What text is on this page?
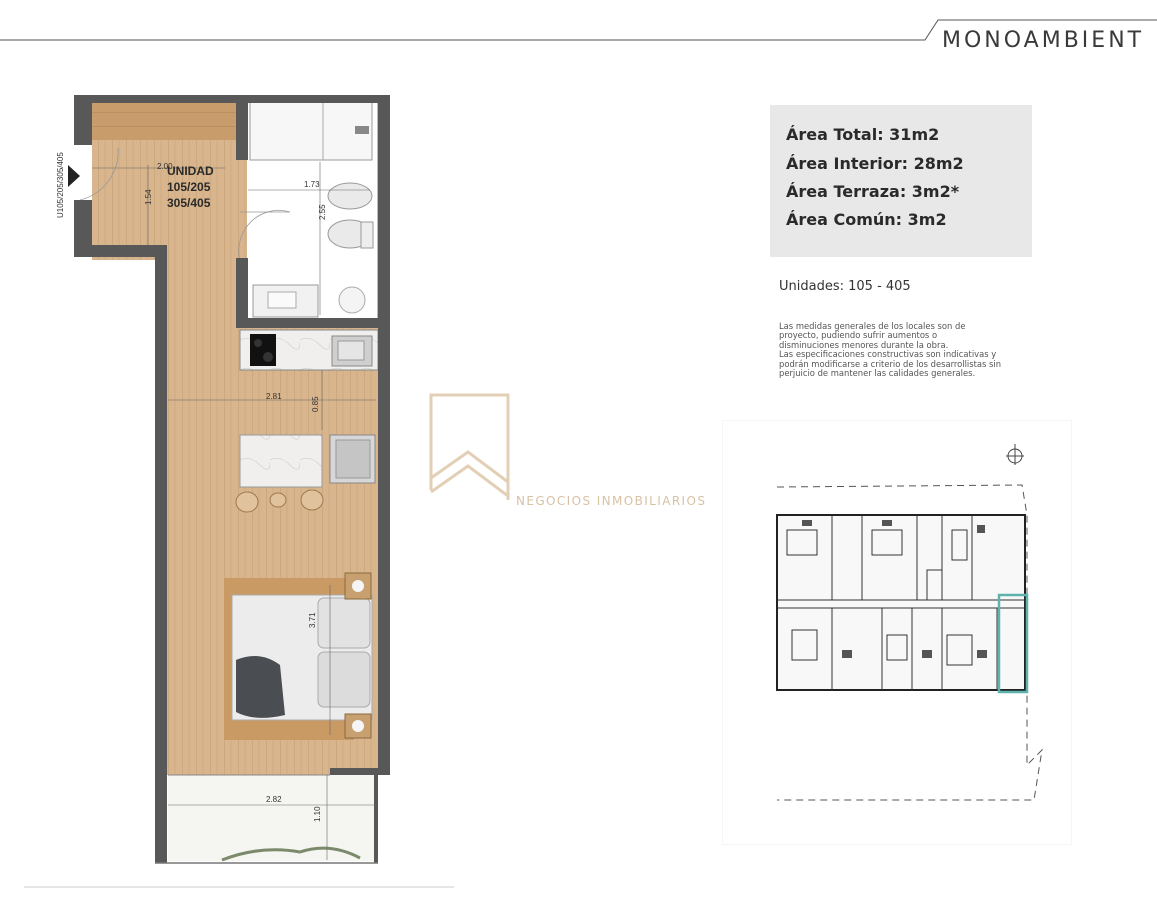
MONOAMBIENT
UNIDAD
105/205
305/405
U105/205/305/405	2.00
1.54
1.73
2.55
2.81	0.85
3.71
2.82
1.10
NEGOCIOS INMOBILIARIOS
Área Total: 31m2
Área Interior: 28m2
Área Terraza: 3m2*
Área Común: 3m2
Unidades: 105 - 405
Las medidas generales de los locales son de
proyecto, pudiendo sufrir aumentos o
disminuciones menores durante la obra.
Las especificaciones constructivas son indicativas y
podrán modificarse a criterio de los desarrollistas sin
perjuicio de mantener las calidades generales.
